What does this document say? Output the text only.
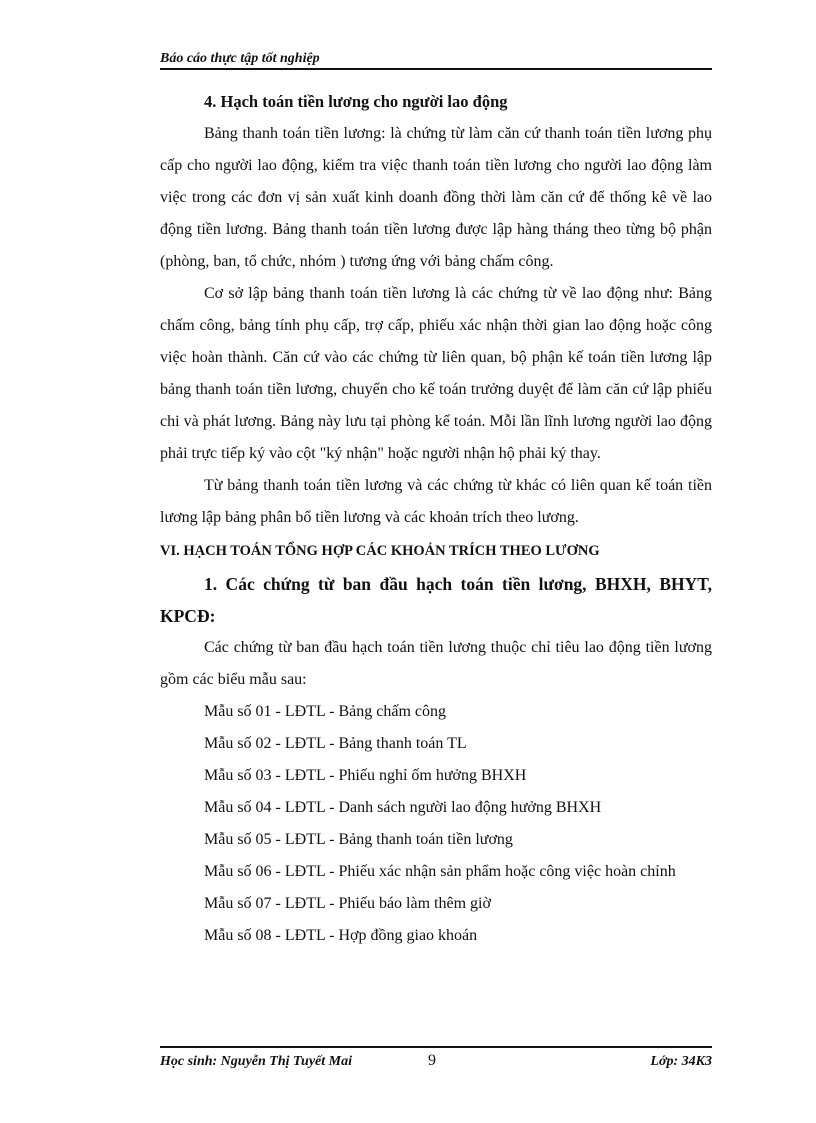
Báo cáo thực tập tốt nghiệp

4. Hạch toán tiền lương cho người lao động

Bảng thanh toán tiền lương: là chứng từ làm căn cứ thanh toán tiền lương phụ cấp cho người lao động, kiểm tra việc thanh toán tiền lương cho người lao động làm việc trong các đơn vị sản xuất kinh doanh đồng thời làm căn cứ để thống kê về lao động tiền lương. Bảng thanh toán tiền lương được lập hàng tháng theo từng bộ phận (phòng, ban, tổ chức, nhóm ) tương ứng với bảng chấm công.

Cơ sở lập bảng thanh toán tiền lương là các chứng từ về lao động như: Bảng chấm công, bảng tính phụ cấp, trợ cấp, phiếu xác nhận thời gian lao động hoặc công việc hoàn thành. Căn cứ vào các chứng từ liên quan, bộ phận kế toán tiền lương lập bảng thanh toán tiền lương, chuyển cho kế toán trưởng duyệt để làm căn cứ lập phiếu chi và phát lương. Bảng này lưu tại phòng kế toán. Mỗi lần lĩnh lương người lao động phải trực tiếp ký vào cột "ký nhận" hoặc người nhận hộ phải ký thay.

Từ bảng thanh toán tiền lương và các chứng từ khác có liên quan kế toán tiền lương lập bảng phân bổ tiền lương và các khoản trích theo lương.

VI. HẠCH TOÁN TỔNG HỢP CÁC KHOẢN TRÍCH THEO LƯƠNG

1. Các chứng từ ban đầu hạch toán tiền lương, BHXH, BHYT, KPCĐ:

Các chứng từ ban đầu hạch toán tiền lương thuộc chỉ tiêu lao động tiền lương gồm các biểu mẫu sau:

Mẫu số 01 - LĐTL - Bảng chấm công

Mẫu số 02 - LĐTL - Bảng thanh toán TL

Mẫu số 03 - LĐTL - Phiếu nghỉ ốm hưởng BHXH

Mẫu số 04 - LĐTL - Danh sách người lao động hưởng BHXH

Mẫu số 05 - LĐTL - Bảng thanh toán tiền lương

Mẫu số 06 - LĐTL - Phiếu xác nhận sản phẩm hoặc công việc hoàn chỉnh

Mẫu số 07 - LĐTL - Phiếu báo làm thêm giờ

Mẫu số 08 - LĐTL - Hợp đồng giao khoán

Học sinh: Nguyễn Thị Tuyết Mai	9	Lớp: 34K3
